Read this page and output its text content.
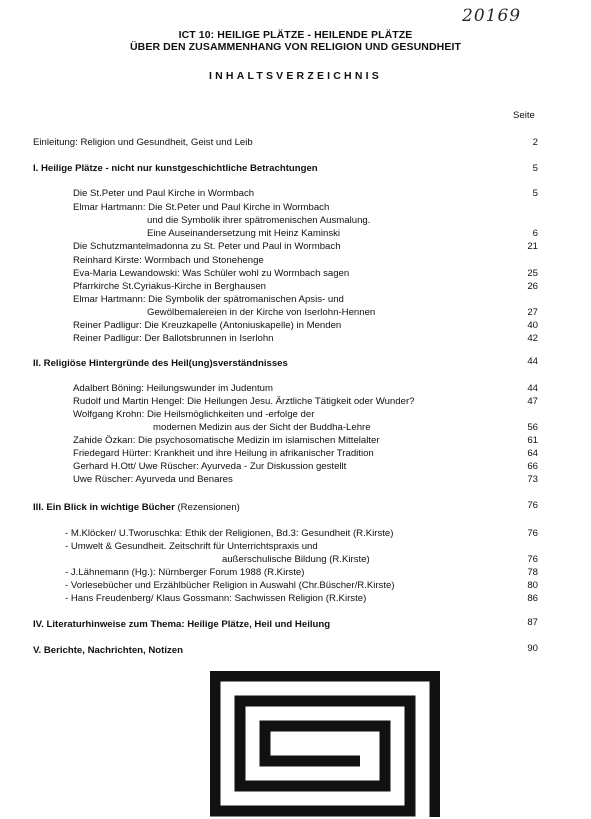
20169
ICT 10: HEILIGE PLÄTZE - HEILENDE PLÄTZE
ÜBER DEN ZUSAMMENHANG VON RELIGION UND GESUNDHEIT
INHALTSVERZEICHNIS
Seite
Einleitung: Religion und Gesundheit, Geist und Leib	2
I. Heilige Plätze - nicht nur kunstgeschichtliche Betrachtungen	5
Die St.Peter und Paul Kirche in Wormbach	5
Elmar Hartmann: Die St.Peter und Paul Kirche in Wormbach
und die Symbolik ihrer spätromenischen Ausmalung.
Eine Auseinandersetzung mit Heinz Kaminski	6
Die Schutzmantelmadonna zu St. Peter und Paul in Wormbach	21
Reinhard Kirste: Wormbach und Stonehenge
Eva-Maria Lewandowski: Was Schüler wohl zu Wormbach sagen	25
Pfarrkirche St.Cyriakus-Kirche in Berghausen	26
Elmar Hartmann: Die Symbolik der spätromanischen Apsis- und
Gewölbemalereien in der Kirche von Iserlohn-Hennen	27
Reiner Padligur: Die Kreuzkapelle (Antoniuskapelle) in Menden	40
Reiner Padligur: Der Ballotsbrunnen in Iserlohn	42
II. Religiöse Hintergründe des Heil(ung)sverständnisses	44
Adalbert Böning: Heilungswunder im Judentum	44
Rudolf und Martin Hengel: Die Heilungen Jesu. Ärztliche Tätigkeit oder Wunder?	47
Wolfgang Krohn: Die Heilsmöglichkeiten und -erfolge der
modernen Medizin aus der Sicht der Buddha-Lehre	56
Zahide Özkan: Die psychosomatische Medizin im islamischen Mittelalter	61
Friedegard Hürter: Krankheit und ihre Heilung in afrikanischer Tradition	64
Gerhard H.Ott/ Uwe Rüscher: Ayurveda - Zur Diskussion gestellt	66
Uwe Rüscher: Ayurveda und Benares	73
III. Ein Blick in wichtige Bücher (Rezensionen)	76
- M.Klöcker/ U.Tworuschka: Ethik der Religionen, Bd.3: Gesundheit (R.Kirste)	76
- Umwelt & Gesundheit. Zeitschrift für Unterrichtspraxis und
außerschulische Bildung (R.Kirste)	76
- J.Lähnemann (Hg.): Nürnberger Forum 1988 (R.Kirste)	78
- Vorlesebücher und Erzählbücher Religion in Auswahl (Chr.Büscher/R.Kirste)	80
- Hans Freudenberg/ Klaus Gossmann: Sachwissen Religion (R.Kirste)	86
IV. Literaturhinweise zum Thema: Heilige Plätze, Heil und Heilung	87
V. Berichte, Nachrichten, Notizen	90
